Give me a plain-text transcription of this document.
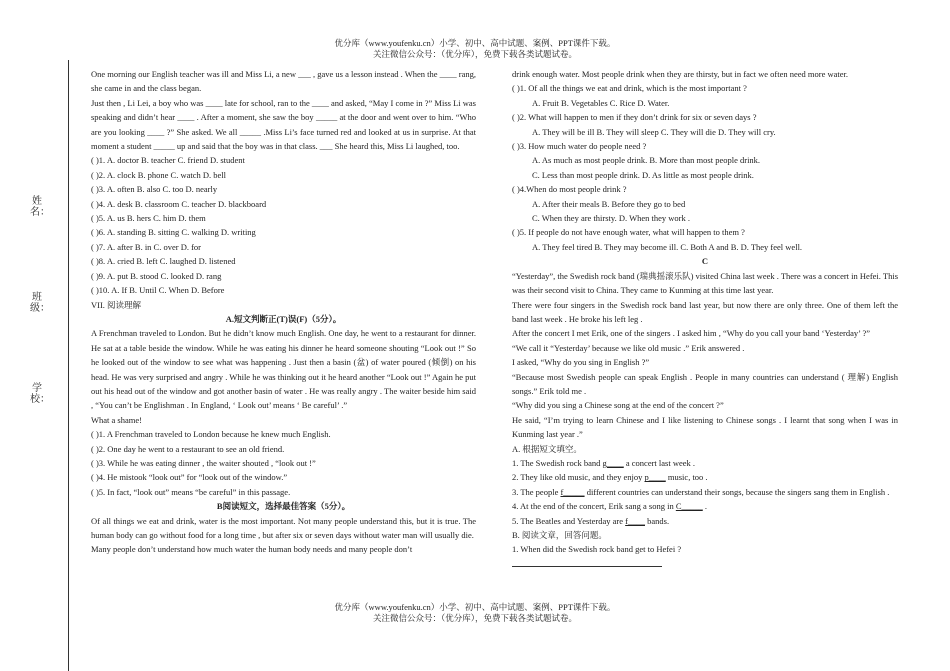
优分库（www.youfenku.cn）小学、初中、高中试题、案例、PPT课件下载。
关注微信公众号：（优分库），免费下载各类试题试卷。
姓名：
班级：
学校：

One morning our English teacher was ill and Miss Li, a new ___ , gave us a lesson instead . When the ____ rang, she came in and the class began.

Just then , Li Lei, a boy who was ____ late for school, ran to the ____ and asked, “May I come in ?” Miss Li was speaking and didn’t hear ____ . After a moment, she saw the boy _____ at the door and went over to him. “Who are you looking ____ ?” She asked. We all _____ .Miss Li’s face turned red and looked at us in surprise. At that moment a student _____ up and said that the boy was in that class. ___ She heard this, Miss Li laughed, too.

( )1. A. doctor B. teacher C. friend D. student

( )2. A. clock B. phone C. watch D. bell

( )3. A. often B. also C. too D. nearly

( )4. A. desk B. classroom C. teacher D. blackboard

( )5. A. us B. hers C. him D. them

( )6. A. standing B. sitting C. walking D. writing

( )7. A. after B. in C. over D. for

( )8. A. cried B. left C. laughed D. listened

( )9. A. put B. stood C. looked D. rang

( )10. A. If B. Until C. When D. Before

VII. 阅读理解

A.短文判断正(T)误(F)（5分）。

A Frenchman traveled to London. But he didn’t know much English. One day, he went to a restaurant for dinner. He sat at a table beside the window. While he was eating his dinner he heard someone shouting “Look out !” So he looked out of the window to see what was happening . Just then a basin (盆) of water poured (倾倒) on his head. He was very surprised and angry . While he was thinking out it he heard another “Look out !” Again he put out his head out of the window and got another basin of water . He was really angry . The waiter beside him said , “You can’t be Englishman . In England, ‘ Look out’ means ‘ Be careful’ .”

What a shame!

( )1. A Frenchman traveled to London because he knew much English.

( )2. One day he went to a restaurant to see an old friend.

( )3. While he was eating dinner , the waiter shouted , “look out !”

( )4. He mistook “look out” for “look out of the window.”

( )5. In fact, “look out” means “be careful” in this passage.

B阅读短文，选择最佳答案（5分）。

Of all things we eat and drink, water is the most important. Not many people understand this, but it is true. The human body can go without food for a long time , but after six or seven days without water man will usually die.

Many people don’t understand how much water the human body needs and many people don’t

drink enough water. Most people drink when they are thirsty, but in fact we often need more water.

( )1. Of all the things we eat and drink, which is the most important ?

A. Fruit B. Vegetables C. Rice D. Water.

( )2. What will happen to men if they don’t drink for six or seven days ?

A. They will be ill B. They will sleep C. They will die D. They will cry.

( )3. How much water do people need ?

A. As much as most people drink. B. More than most people drink.

C. Less than most people drink. D. As little as most people drink.

( )4.When do most people drink ?

A. After their meals B. Before they go to bed

C. When they are thirsty. D. When they work .

( )5. If people do not have enough water, what will happen to them ?

A. They feel tired B. They may become ill. C. Both A and B. D. They feel well.

C

“Yesterday”, the Swedish rock band (瑞典摇滚乐队) visited China last week . There was a concert in Hefei. This was their second visit to China. They came to Kunming at this time last year.

There were four singers in the Swedish rock band last year, but now there are only three. One of them left the band last week . He broke his left leg .

After the concert I met Erik, one of the singers . I asked him , “Why do you call your band ‘Yesterday’ ?”

“We call it “Yesterday’ because we like old music .” Erik answered .

I asked, “Why do you sing in English ?”

“Because most Swedish people can speak English . People in many countries can understand ( 理解) English songs.” Erik told me .

“Why did you sing a Chinese song at the end of the concert ?”

He said, “I’m trying to learn Chinese and I like listening to Chinese songs . I learnt that song when I was in Kunming last year .”

A. 根据短文填空。

1. The Swedish rock band g____ a concert last week .

2. They like old music, and they enjoy p____ music, too .

3. The people f_____ different countries can understand their songs, because the singers sang them in English .

4. At the end of the concert, Erik sang a song in C_____ .

5. The Beatles and Yesterday are f____ bands.

B. 阅读文章，回答问题。

1. When did the Swedish rock band get to Hefei ?

优分库（www.youfenku.cn）小学、初中、高中试题、案例、PPT课件下载。
关注微信公众号：（优分库），免费下载各类试题试卷。
